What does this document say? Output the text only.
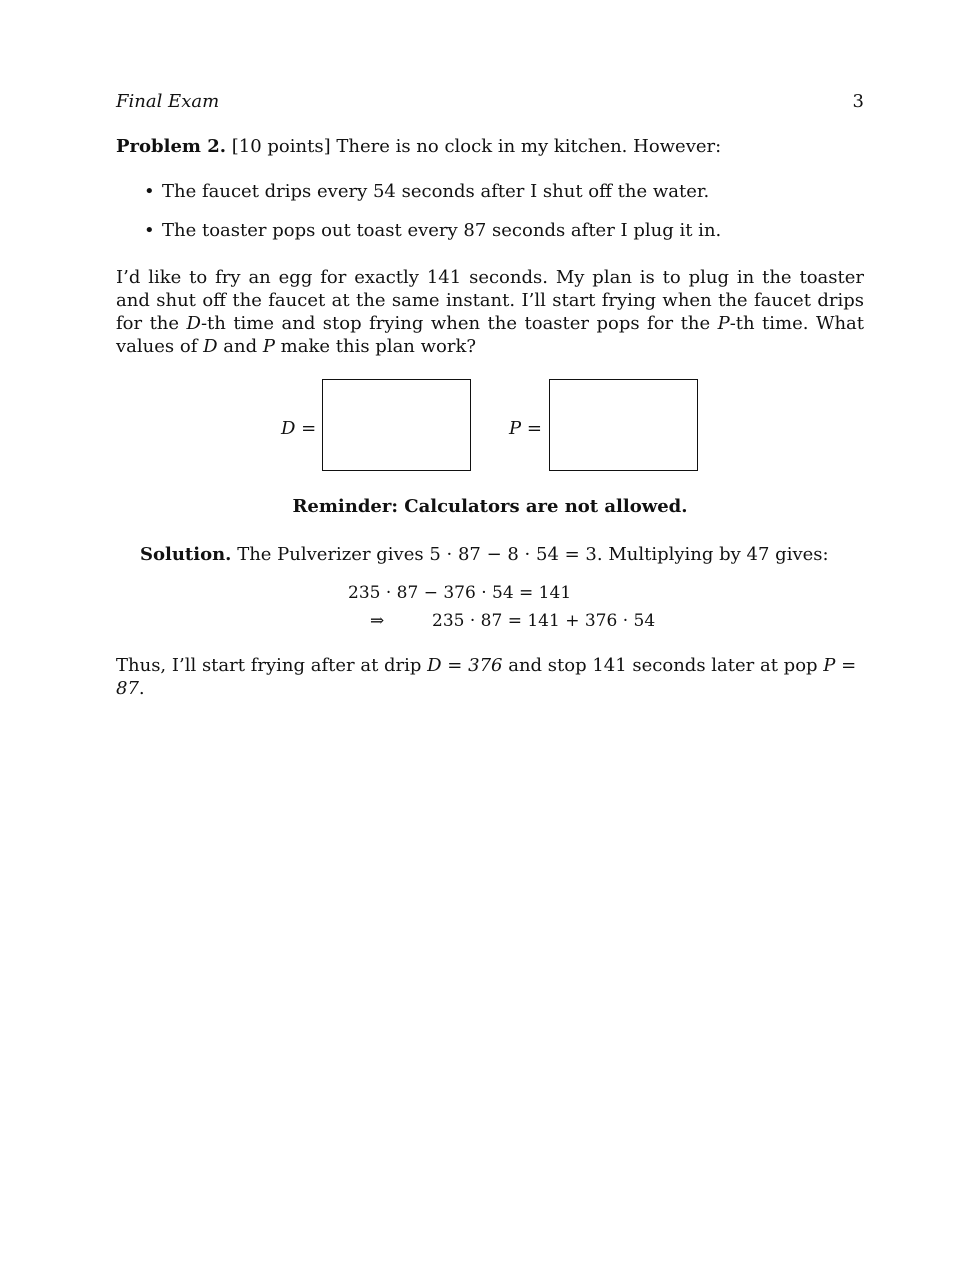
Final Exam	3

Problem 2. [10 points] There is no clock in my kitchen. However:

• The faucet drips every 54 seconds after I shut off the water.
• The toaster pops out toast every 87 seconds after I plug it in.

I’d like to fry an egg for exactly 141 seconds. My plan is to plug in the toaster and shut off the faucet at the same instant. I’ll start frying when the faucet drips for the D-th time and stop frying when the toaster pops for the P-th time. What values of D and P make this plan work?

D =	P =

Reminder: Calculators are not allowed.

Solution. The Pulverizer gives 5 · 87 − 8 · 54 = 3. Multiplying by 47 gives:

235 · 87 − 376 · 54 = 141
⇒	235 · 87 = 141 + 376 · 54

Thus, I’ll start frying after at drip D = 376 and stop 141 seconds later at pop P = 87.
